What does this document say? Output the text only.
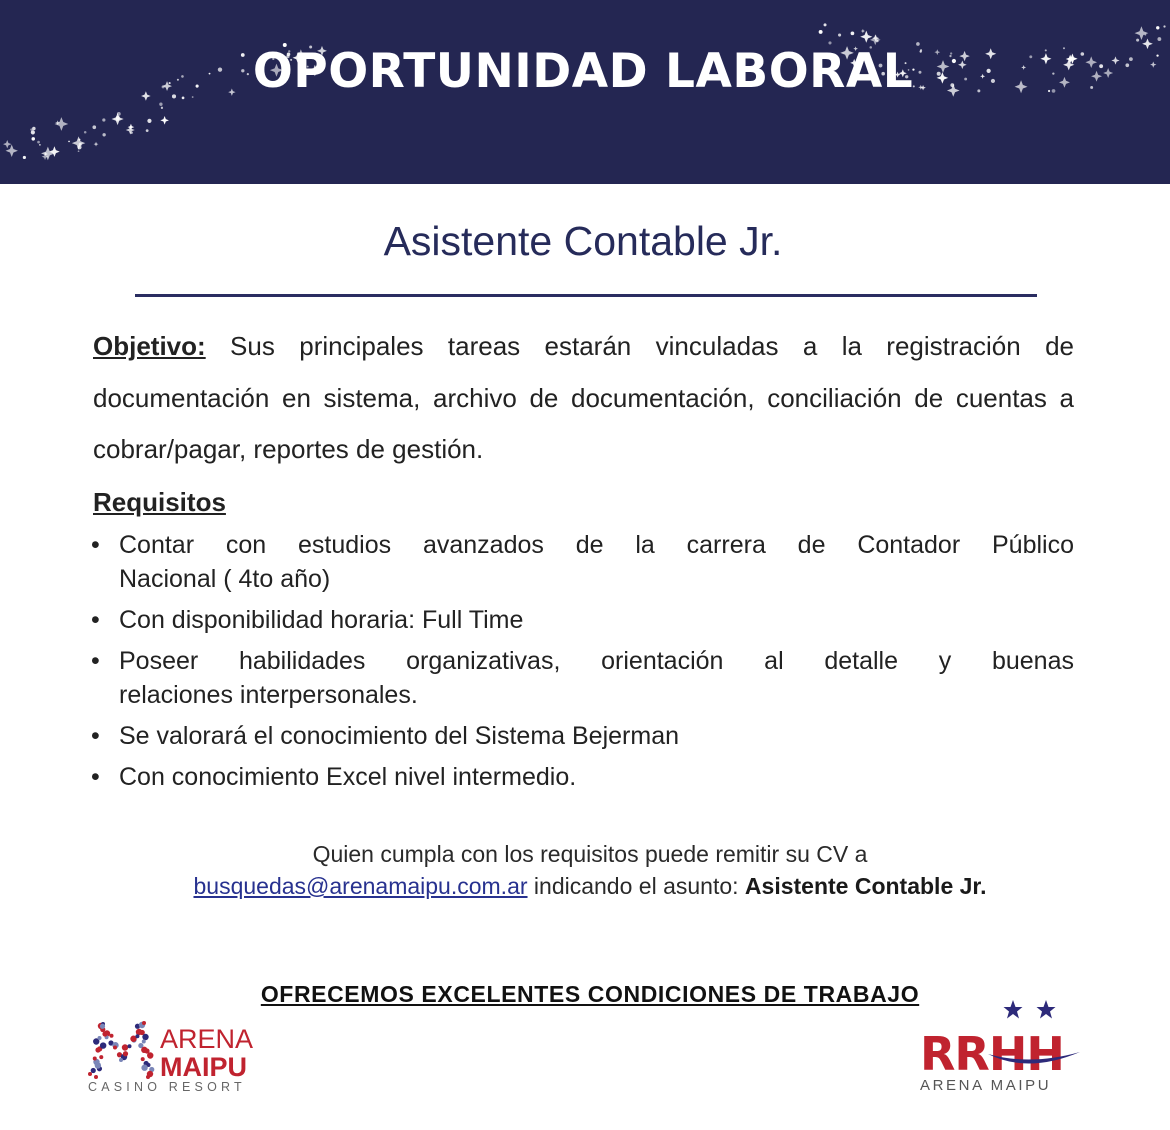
OPORTUNIDAD LABORAL
Asistente Contable Jr.
Objetivo: Sus principales tareas estarán vinculadas a la registración de documentación en sistema, archivo de documentación, conciliación de cuentas a cobrar/pagar, reportes de gestión.
Requisitos
• Contar con estudios avanzados de la carrera de Contador Público
Nacional ( 4to año)
• Con disponibilidad horaria: Full Time
• Poseer habilidades organizativas, orientación al detalle y buenas
relaciones interpersonales.
• Se valorará el conocimiento del Sistema Bejerman
• Con conocimiento Excel nivel intermedio.
Quien cumpla con los requisitos puede remitir su CV a
busquedas@arenamaipu.com.ar indicando el asunto: Asistente Contable Jr.
OFRECEMOS EXCELENTES CONDICIONES DE TRABAJO
ARENA
MAIPU
CASINO RESORT
RRHH
ARENA MAIPU
